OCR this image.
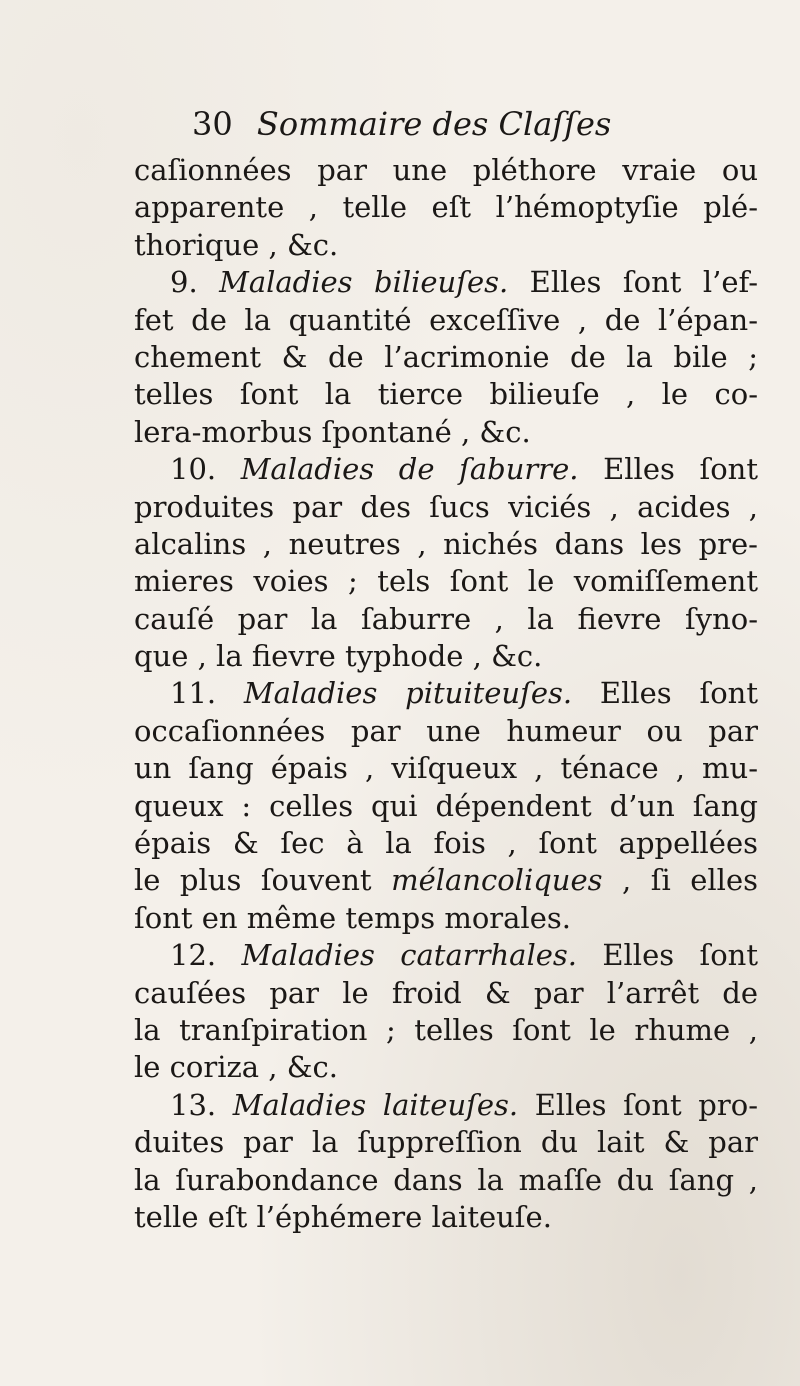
30 Sommaire des Claſſes
caſionnées par une pléthore vraie ou
apparente , telle eſt l’hémoptyſie plé-
thorique , &c.
9. Maladies bilieuſes. Elles ſont l’ef-
fet de la quantité exceſſive , de l’épan-
chement & de l’acrimonie de la bile ;
telles ſont la tierce bilieuſe , le co-
lera-morbus ſpontané , &c.
10. Maladies de ſaburre. Elles ſont
produites par des ſucs viciés , acides ,
alcalins , neutres , nichés dans les pre-
mieres voies ; tels ſont le vomiſſement
cauſé par la ſaburre , la fievre ſyno-
que , la fievre typhode , &c.
11. Maladies pituiteuſes. Elles ſont
occaſionnées par une humeur ou par
un ſang épais , viſqueux , ténace , mu-
queux : celles qui dépendent d’un ſang
épais & ſec à la fois , ſont appellées
le plus ſouvent mélancoliques , ſi elles
ſont en même temps morales.
12. Maladies catarrhales. Elles ſont
cauſées par le froid & par l’arrêt de
la tranſpiration ; telles ſont le rhume ,
le coriza , &c.
13. Maladies laiteuſes. Elles ſont pro-
duites par la ſuppreſſion du lait & par
la ſurabondance dans la maſſe du ſang ,
telle eſt l’éphémere laiteuſe.
